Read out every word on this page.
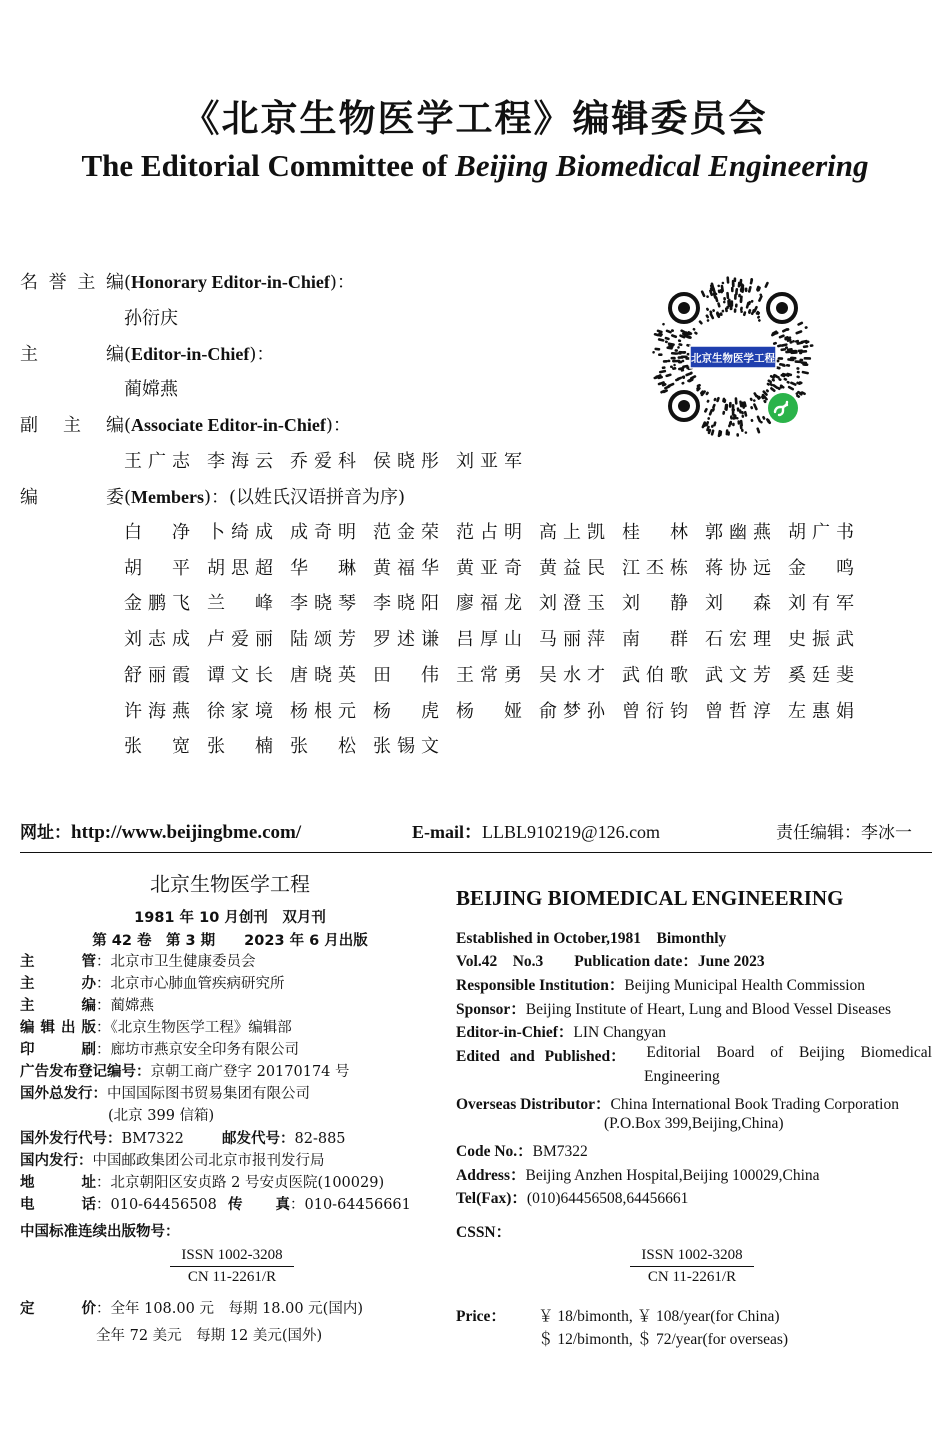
《北京生物医学工程》编辑委员会
The Editorial Committee of Beijing Biomedical Engineering
名誉主编(Honorary Editor-in-Chief)：
孙衍庆
主编(Editor-in-Chief)：
蔺嫦燕
副主编(Associate Editor-in-Chief)：
王广志 李海云 乔爱科 侯晓彤 刘亚军
编委(Members)：(以姓氏汉语拼音为序)
白　净 卜绮成 成奇明 范金荣 范占明 高上凯 桂　林 郭幽燕 胡广书
胡　平 胡思超 华　琳 黄福华 黄亚奇 黄益民 江丕栋 蒋协远 金　鸣
金鹏飞 兰　峰 李晓琴 李晓阳 廖福龙 刘澄玉 刘　静 刘　森 刘有军
刘志成 卢爱丽 陆颂芳 罗述谦 吕厚山 马丽萍 南　群 石宏理 史振武
舒丽霞 谭文长 唐晓英 田　伟 王常勇 吴水才 武伯歌 武文芳 奚廷斐
许海燕 徐家境 杨根元 杨　虎 杨　娅 俞梦孙 曾衍钧 曾哲淳 左惠娟
张　宽 张　楠 张　松 张锡文
北京生物医学工程
网址：http://www.beijingbme.com/	E-mail：LLBL910219@126.com	责任编辑：李冰一
北京生物医学工程
1981 年 10 月创刊　双月刊
第 42 卷　第 3 期　　2023 年 6 月出版
主管：北京市卫生健康委员会
主办：北京市心肺血管疾病研究所
主编：蔺嫦燕
编辑出版：《北京生物医学工程》编辑部
印刷：廊坊市燕京安全印务有限公司
广告发布登记编号：京朝工商广登字 20170174 号
国外总发行：中国国际图书贸易集团有限公司
(北京 399 信箱)
国外发行代号：BM7322	邮发代号：82-885
国内发行：中国邮政集团公司北京市报刊发行局
地址：北京朝阳区安贞路 2 号安贞医院(100029)
电话：010-64456508 传真：010-64456661
中国标准连续出版物号：
ISSN 1002-3208
CN 11-2261/R
定价：全年 108.00 元　每期 18.00 元(国内)
全年 72 美元　每期 12 美元(国外)
BEIJING BIOMEDICAL ENGINEERING
Established in October,1981　Bimonthly
Vol.42　No.3　　Publication date：June 2023
Responsible Institution：Beijing Municipal Health Commission
Sponsor：Beijing Institute of Heart, Lung and Blood Vessel Diseases
Editor-in-Chief：LIN Changyan
Edited and Published： Editorial Board of Beijing Biomedical
Engineering
Overseas Distributor：China International Book Trading Corporation
(P.O.Box 399,Beijing,China)
Code No.：BM7322
Address：Beijing Anzhen Hospital,Beijing 100029,China
Tel(Fax)：(010)64456508,64456661
CSSN：
ISSN 1002-3208
CN 11-2261/R
Price： ￥ 18/bimonth, ￥ 108/year(for China)
＄ 12/bimonth, ＄ 72/year(for overseas)
